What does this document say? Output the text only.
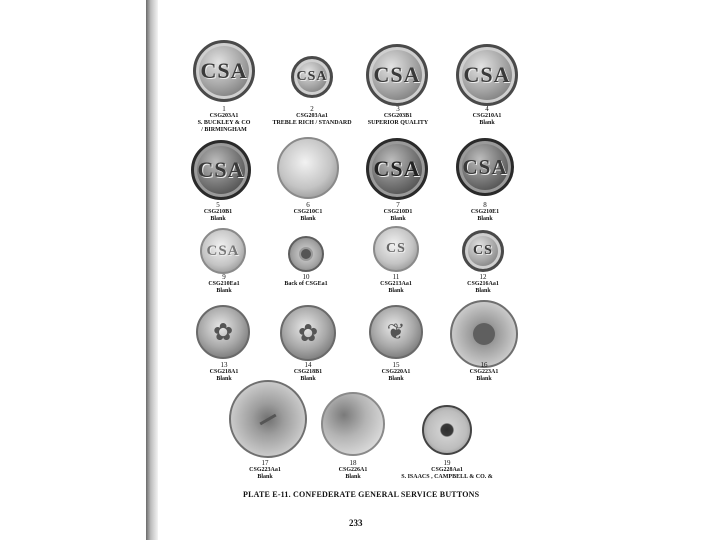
CSA	CSA CSA CSA
1
CSG203A1
S. BUCKLEY & CO
/ BIRMINGHAM
2
CSG203Aa1
TREBLE RICH / STANDARD
3
CSG203B1
SUPERIOR QUALITY
4
CSG210A1
Blank
CSA	CSA CSA
5
CSG210B1
Blank
6
CSG210C1
Blank
7
CSG210D1
Blank
8
CSG210E1
Blank
CSA	CS	CS
9
CSG210Ea1
Blank
10
Back of CSGEa1
11
CSG213Aa1
Blank
12
CSG216Aa1
Blank
✿	✿	❦
13
CSG218A1
Blank
14
CSG218B1
Blank
15
CSG220A1
Blank
16
CSG223A1
Blank
17
CSG223Aa1
Blank
18
CSG226A1
Blank
19
CSG228Aa1
S. ISAACS , CAMPBELL & CO. &
PLATE E-11. CONFEDERATE GENERAL SERVICE BUTTONS
233
